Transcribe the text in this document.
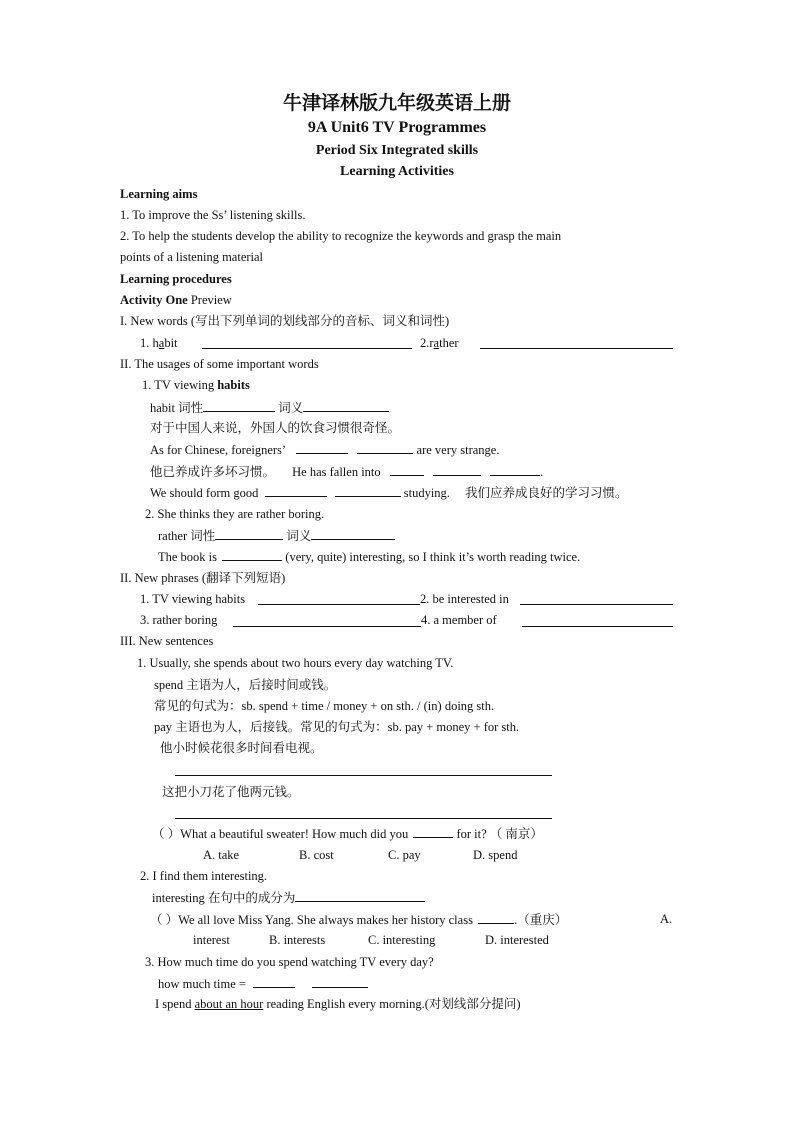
牛津译林版九年级英语上册
9A Unit6 TV Programmes
Period Six Integrated skills
Learning Activities
Learning aims
1. To improve the Ss’ listening skills.
2. To help the students develop the ability to recognize the keywords and grasp the main
points of a listening material
Learning procedures
Activity One Preview
I. New words (写出下列单词的划线部分的音标、词义和词性)
1. habit	2.rather
II. The usages of some important words
1. TV viewing habits
habit 词性	词义
对于中国人来说，外国人的饮食习惯很奇怪。
As for Chinese, foreigners’	are very strange.
他已养成许多坏习惯。 He has fallen into	.
We should form good	studying. 我们应养成良好的学习习惯。
2. She thinks they are rather boring.
rather 词性	词义
The book is	(very, quite) interesting, so I think it’s worth reading twice.
II. New phrases (翻译下列短语)
1. TV viewing habits	2. be interested in
3. rather boring	4. a member of
III. New sentences
1. Usually, she spends about two hours every day watching TV.
spend 主语为人，后接时间或钱。
常见的句式为：sb. spend + time / money + on sth. / (in) doing sth.
pay 主语也为人，后接钱。常见的句式为：sb. pay + money + for sth.
他小时候花很多时间看电视。
这把小刀花了他两元钱。
（ ）What a beautiful sweater! How much did you	for it? （ 南京）
A. take	B. cost	C. pay	D. spend
2. I find them interesting.
interesting 在句中的成分为
（ ）We all love Miss Yang. She always makes her history class	.（重庆）	A.
interest	B. interests	C. interesting	D. interested
3. How much time do you spend watching TV every day?
how much time =
I spend about an hour reading English every morning.(对划线部分提问)
